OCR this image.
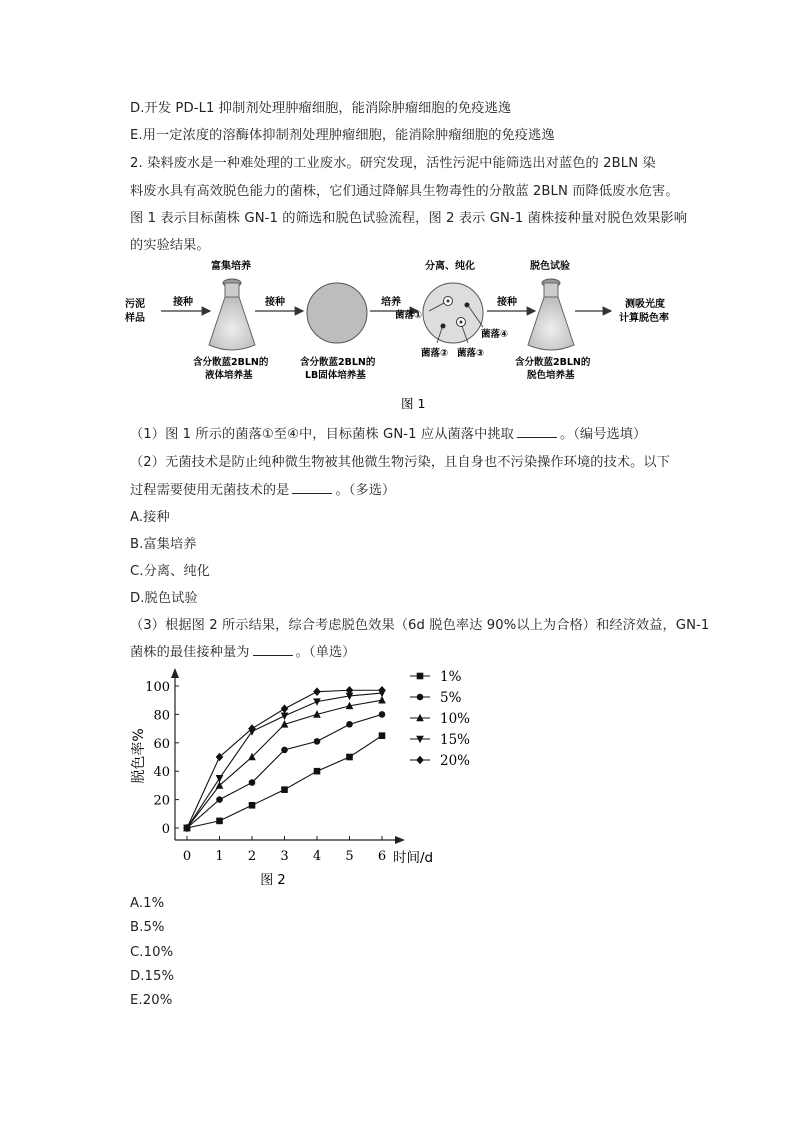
D.开发 PD-L1 抑制剂处理肿瘤细胞，能消除肿瘤细胞的免疫逃逸
E.用一定浓度的溶酶体抑制剂处理肿瘤细胞，能消除肿瘤细胞的免疫逃逸
2. 染料废水是一种难处理的工业废水。研究发现，活性污泥中能筛选出对蓝色的 2BLN 染
料废水具有高效脱色能力的菌株，它们通过降解具生物毒性的分散蓝 2BLN 而降低废水危害。
图 1 表示目标菌株 GN-1 的筛选和脱色试验流程，图 2 表示 GN-1 菌株接种量对脱色效果影响
的实验结果。
污泥
样品
接种
富集培养
含分散蓝2BLN的
液体培养基
接种
含分散蓝2BLN的
LB固体培养基
培养
分离、纯化
菌落①
菌落② 菌落③
菌落④
接种
脱色试验
含分散蓝2BLN的
脱色培养基
测吸光度
计算脱色率
图 1
（1）图 1 所示的菌落①至④中，目标菌株 GN-1 应从菌落中挑取	。（编号选填）
（2）无菌技术是防止纯种微生物被其他微生物污染，且自身也不污染操作环境的技术。以下
过程需要使用无菌技术的是	。（多选）
A.接种
B.富集培养
C.分离、纯化
D.脱色试验
（3）根据图 2 所示结果，综合考虑脱色效果（6d 脱色率达 90%以上为合格）和经济效益，GN-1
菌株的最佳接种量为	。（单选）
0
20
40
60
80
100
0 1 2 3 4 5 6 时间/d
脱色率%
图 2
1%
5%
10%
15%
20%
A.1%
B.5%
C.10%
D.15%
E.20%
